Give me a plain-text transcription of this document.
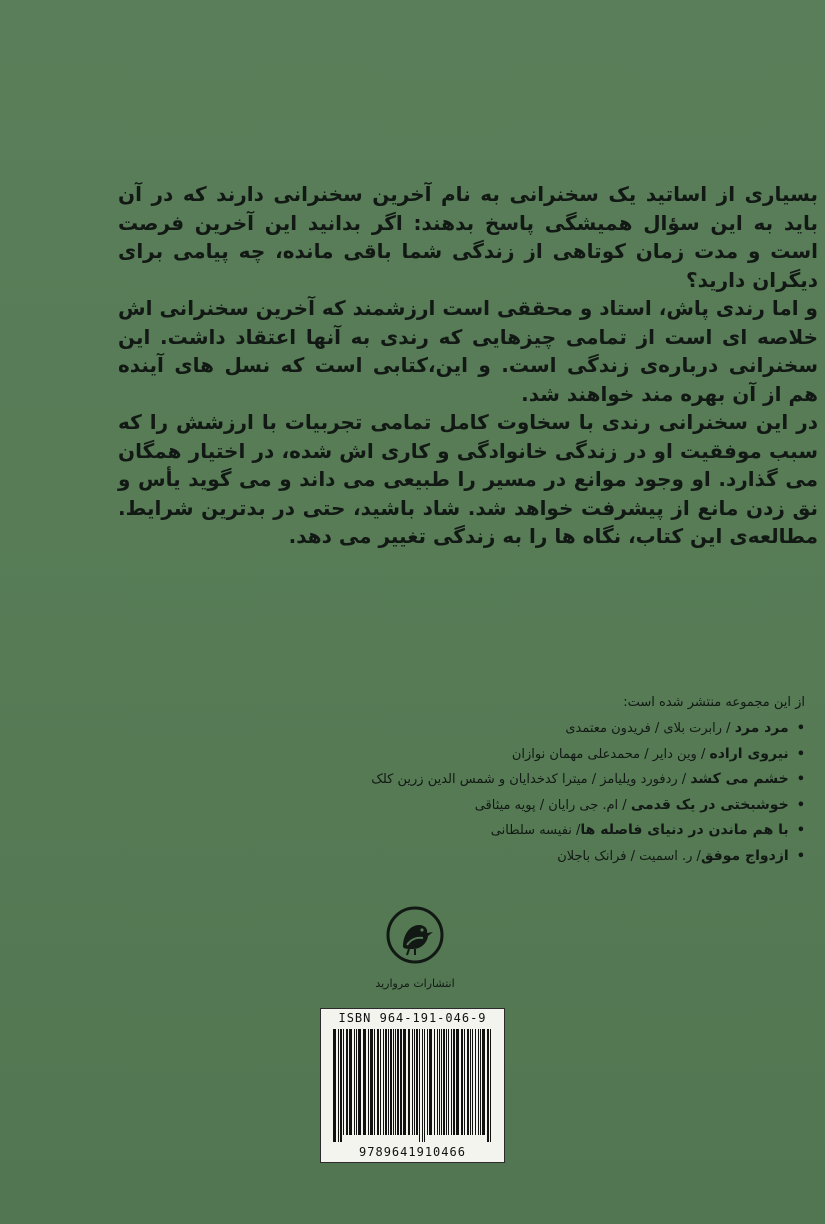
بسیاری از اساتید یک سخنرانی به نام آخرین سخنرانی دارند که در آن باید به این سؤال همیشگی پاسخ بدهند: اگر بدانید این آخرین فرصت است و مدت زمان کوتاهی از زندگی شما باقی مانده، چه پیامی برای دیگران دارید؟

و اما رندی پاش، استاد و محققی است ارزشمند که آخرین سخنرانی اش خلاصه ای است از تمامی چیزهایی که رندی به آنها اعتقاد داشت. این سخنرانی درباره‌ی زندگی است. و این،کتابی است که نسل های آینده هم از آن بهره مند خواهند شد.

در این سخنرانی رندی با سخاوت کامل تمامی تجربیات با ارزشش را که سبب موفقیت او در زندگی خانوادگی و کاری اش شده، در اختیار همگان می گذارد. او وجود موانع در مسیر را طبیعی می داند و می گوید یأس و نق زدن مانع از پیشرفت خواهد شد. شاد باشید، حتی در بدترین شرایط. مطالعه‌ی این کتاب، نگاه ها را به زندگی تغییر می دهد.

از این مجموعه منتشر شده است:
•مرد مرد / رابرت بلای / فریدون معتمدی
•نیروی اراده / وین دایر / محمدعلی مهمان نوازان
•خشم می کشد / ردفورد ویلیامز / میترا کدخدایان و شمس الدین زرین کلک
•خوشبختی در یک قدمی / ام. جی رایان / پویه میثاقی
•با هم ماندن در دنیای فاصله ها/ نفیسه سلطانی
•ازدواج موفق/ ر. اسمیت / فرانک باجلان
انتشارات مروارید
ISBN 964-191-046-9
9789641910466
